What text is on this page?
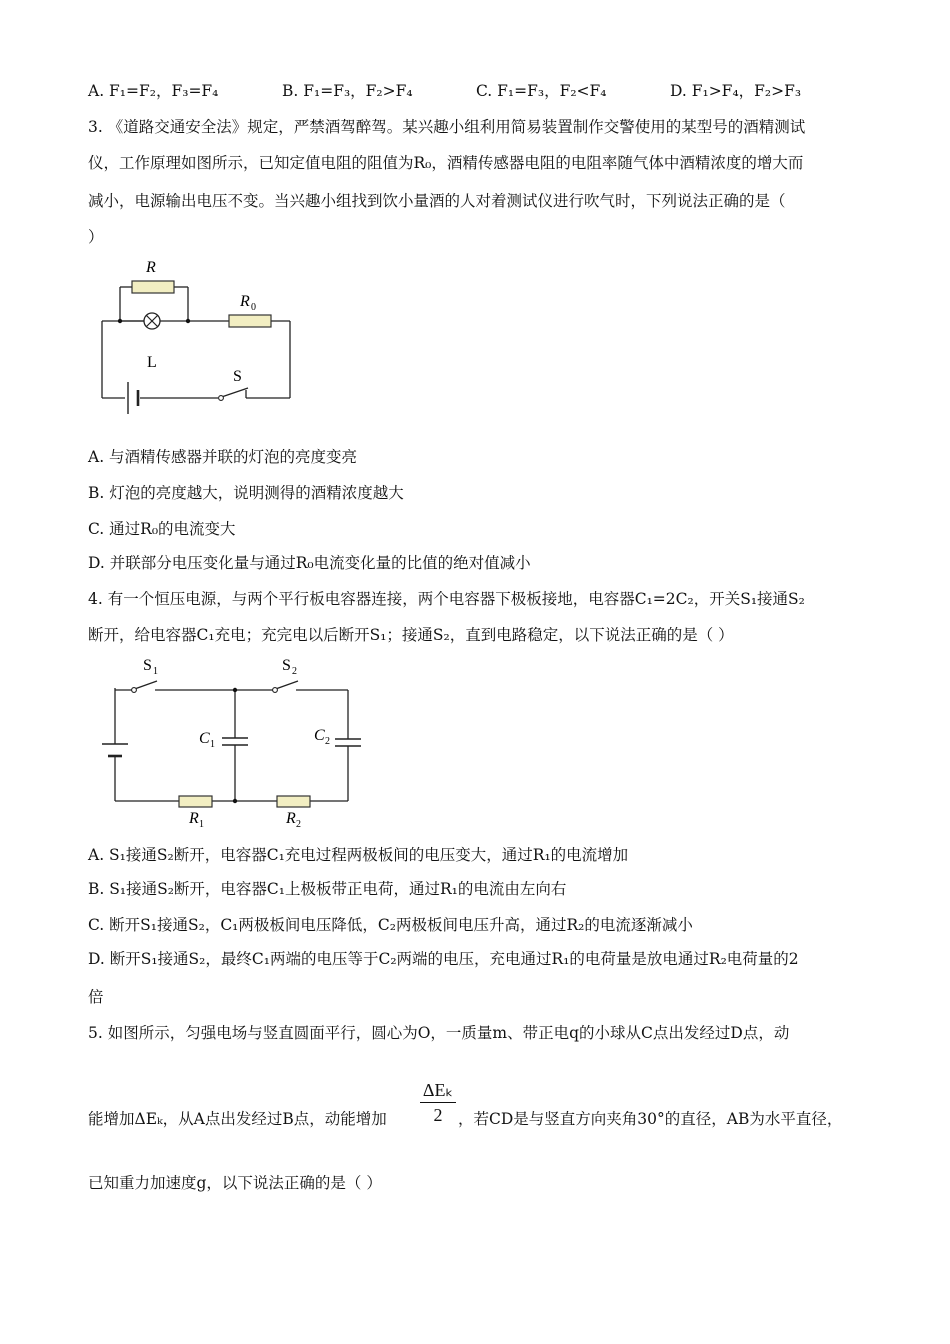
A. F₁=F₂，F₃=F₄	B. F₁=F₃，F₂>F₄	C. F₁=F₃，F₂<F₄	D. F₁>F₄，F₂>F₃
3. 《道路交通安全法》规定，严禁酒驾醉驾。某兴趣小组利用简易装置制作交警使用的某型号的酒精测试
仪，工作原理如图所示，已知定值电阻的阻值为R₀，酒精传感器电阻的电阻率随气体中酒精浓度的增大而
减小，电源输出电压不变。当兴趣小组找到饮小量酒的人对着测试仪进行吹气时，下列说法正确的是（
）
R
R 0
L
S
A. 与酒精传感器并联的灯泡的亮度变亮
B. 灯泡的亮度越大，说明测得的酒精浓度越大
C. 通过R₀的电流变大
D. 并联部分电压变化量与通过R₀电流变化量的比值的绝对值减小
4. 有一个恒压电源，与两个平行板电容器连接，两个电容器下极板接地，电容器C₁=2C₂，开关S₁接通S₂
断开，给电容器C₁充电；充完电以后断开S₁；接通S₂，直到电路稳定，以下说法正确的是（ ）
S 1	S 2
C 1
C 2
R 1	R 2
A. S₁接通S₂断开，电容器C₁充电过程两极板间的电压变大，通过R₁的电流增加
B. S₁接通S₂断开，电容器C₁上极板带正电荷，通过R₁的电流由左向右
C. 断开S₁接通S₂，C₁两极板间电压降低，C₂两极板间电压升高，通过R₂的电流逐渐减小
D. 断开S₁接通S₂，最终C₁两端的电压等于C₂两端的电压，充电通过R₁的电荷量是放电通过R₂电荷量的2
倍
5. 如图所示，匀强电场与竖直圆面平行，圆心为O，一质量m、带正电q的小球从C点出发经过D点，动
能增加ΔEₖ，从A点出发经过B点，动能增加
ΔEₖ
2	，若CD是与竖直方向夹角30°的直径，AB为水平直径，
已知重力加速度g，以下说法正确的是（ ）
